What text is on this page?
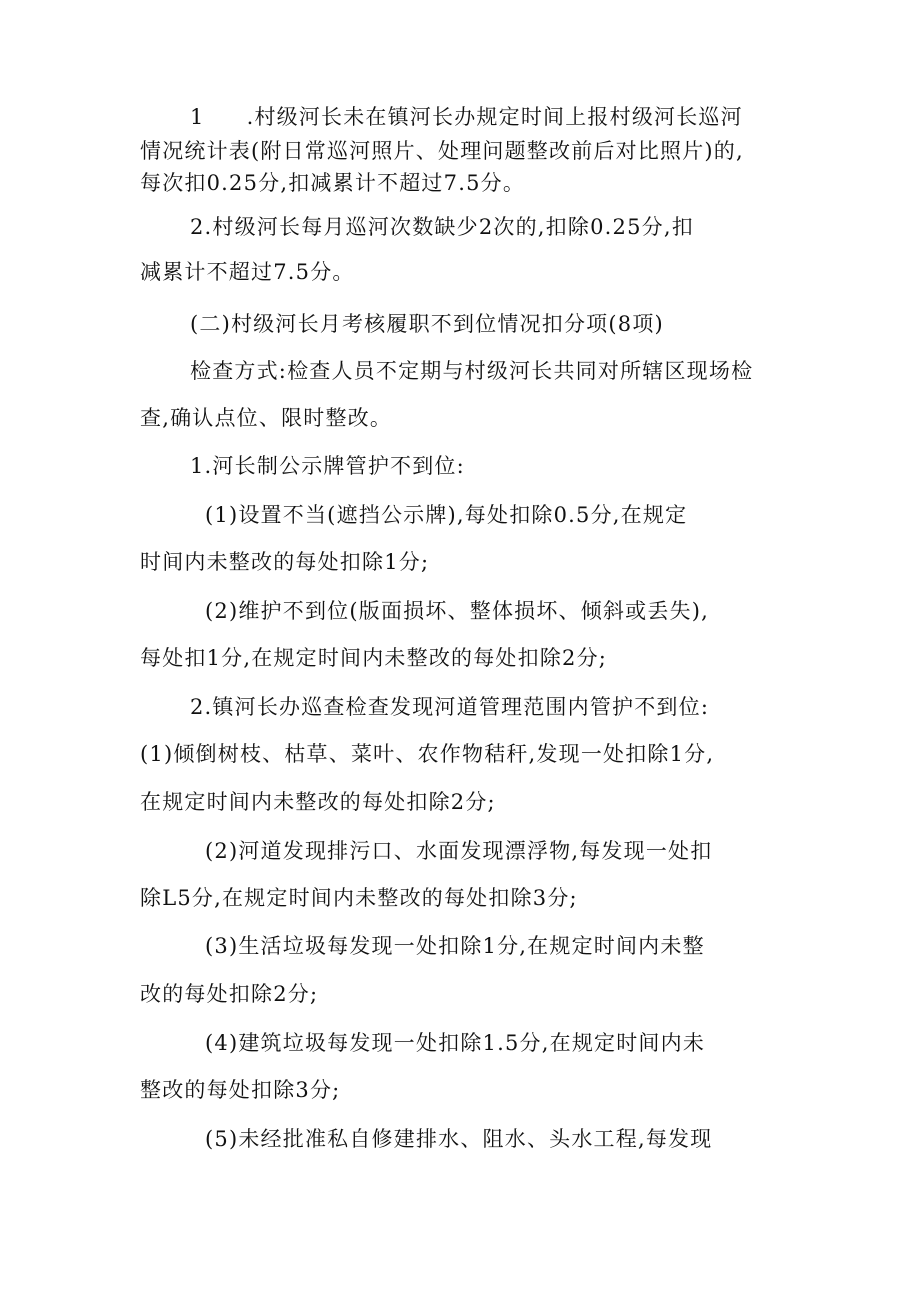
1 .村级河长未在镇河长办规定时间上报村级河长巡河

情况统计表(附日常巡河照片、处理问题整改前后对比照片)的,

每次扣0.25分,扣减累计不超过7.5分。

2.村级河长每月巡河次数缺少2次的,扣除0.25分,扣

减累计不超过7.5分。

(二)村级河长月考核履职不到位情况扣分项(8项)

检查方式:检查人员不定期与村级河长共同对所辖区现场检

查,确认点位、限时整改。

1.河长制公示牌管护不到位:

(1)设置不当(遮挡公示牌),每处扣除0.5分,在规定

时间内未整改的每处扣除1分;

(2)维护不到位(版面损坏、整体损坏、倾斜或丢失),

每处扣1分,在规定时间内未整改的每处扣除2分;

2.镇河长办巡查检查发现河道管理范围内管护不到位:

(1)倾倒树枝、枯草、菜叶、农作物秸秆,发现一处扣除1分,

在规定时间内未整改的每处扣除2分;

(2)河道发现排污口、水面发现漂浮物,每发现一处扣

除L5分,在规定时间内未整改的每处扣除3分;

(3)生活垃圾每发现一处扣除1分,在规定时间内未整

改的每处扣除2分;

(4)建筑垃圾每发现一处扣除1.5分,在规定时间内未

整改的每处扣除3分;

(5)未经批准私自修建排水、阻水、头水工程,每发现
